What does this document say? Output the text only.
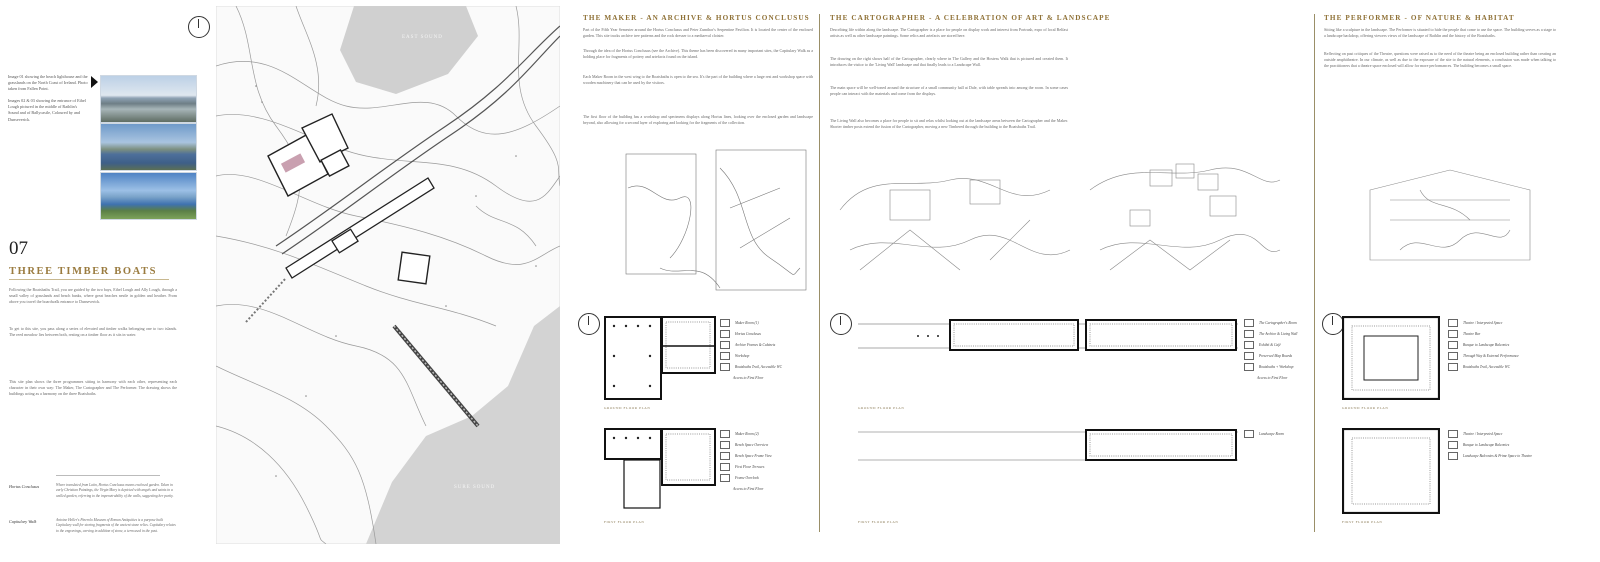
Image 01 showing the beach lighthouse and the grasslands on the North Coast of Ireland. Photo taken from Fallen Point.
Images 02 & 03 showing the entrance of Ethel Lough pictured in the middle of Rathlin's Sound and of Ballycastle, Coloured by and Dunseverick.
07
THREE TIMBER BOATS
Following the Boatsbaths Trail, you are guided by the two bays, Ethel Lough and Ally Lough, through a small valley of grasslands and beach banks, where great beaches nestle in golden and heather. From above you travel the boardwalk entrance to Dunseverick.
To get to this site, you pass along a series of elevated and timber walks belonging one to two islands. The reed meadow lies between both, resting on a timber floor as it sits in water.
This site plan shows the three programmes sitting in harmony with each other, representing each character in their own way: The Maker, The Cartographer and The Performer. The drawing shows the buildings acting as a harmony on the three Boatsbaths.
Hortus Conclusus	Where translated from Latin, Hortus Conclusus means enclosed garden. Taken in early Christian Paintings, the Virgin Mary is depicted with angels and saints in a walled garden, referring to the impenetrability of the walls, suggesting her purity.
Capitulary Walk	Antoine Heller's Pinerolo Museum of Roman Antiquities is a purpose built Capitulary wall for storing fragments of the ancient stone relics. Capitulary relates to the engravings, carving in addition of stone, a term used in the past.
EAST SOUND
SURE SOUND
THE MAKER - AN ARCHIVE & HORTUS CONCLUSUS
Part of the Fifth Year Semester around the Hortus Conclusus and Peter Zumthor's Serpentine Pavilion. It is located the center of the enclosed garden. This site tracks archive tree patterns and the rock dresser to a mediaeval cloister.
Through the idea of the Hortus Conclusus (see the Archive). This theme has been discovered in many important sites, the Capitulary Walk as a holding place for fragments of pottery and artefacts found on the island.
Each Maker Room in the west wing to the Boatsbaths is open to the sea. It's the part of the building where a large rest and workshop space with wooden machinery that can be used by the visitors.
The first floor of the building has a workshop and specimens displays along Hortus lines, looking over the enclosed garden and landscape beyond, also allowing for a second layer of exploring and looking for the fragments of the collection.
Maker Room (1)
Hortus Conclusus
Archive Frames & Cabinets
Workshop
Boatsbaths Trail, Accessible WC
Access to First Floor
GROUND FLOOR PLAN
Maker Room (2)
Bench Space Overview
Bench Space Frame View
First Floor Terraces
Frame Overlook
Access to First Floor
FIRST FLOOR PLAN
THE CARTOGRAPHER - A CELEBRATION OF ART & LANDSCAPE
Describing life within along the landscape. The Cartographer is a place for people on display work and interest from Portrush, expo of local Belfast artists as well as other landscape paintings. Some relics and artefacts are stored here.
The drawing on the right shows half of the Cartographer, clearly where in The Gallery and the Hostess Walk that is pictured and created them. It introduces the visitor to the 'Living Wall' landscape and that finally leads to a Landscape Wall.
The main space will be well-toned around the structure of a small community hall at Dale, with table spreads into among the room. In some cases people can interact with the materials and come from the displays.
The Living Wall also becomes a place for people to sit and relax whilst looking out at the landscape areas between the Cartographer and the Maker. Shorter timber posts extend the fusion of the Cartographer, moving a new Timbered through the building to the Boatsbaths Trail.
The Cartographer's Room
The Archive & Living Wall
Exhibit & Café
Preserved Map Boards
Boatsbaths + Workshop
Access to First Floor
GROUND FLOOR PLAN
Landscape Room
FIRST FLOOR PLAN
THE PERFORMER - OF NATURE & HABITAT
Sitting like a sculpture in the landscape. The Performer is situated to hide the people that come to use the space. The building serves as a stage to a landscape backdrop, offering viewers views of the landscape of Rathlin and the history of the Boatsbaths.
Reflecting on past critiques of the Theatre, questions were raised as to the need of the theatre being an enclosed building rather than creating an outside amphitheatre. In our climate, as well as due to the exposure of the site to the natural elements, a conclusion was made when talking to the practitioners that a theatre space enclosed will allow for more performances. The building becomes a small space.
Theatre / Interpreted Space
Theatre Bar
Bunque to Landscape Balconies
Through Way & External Performance
Boatsbaths Trail, Accessible WC
GROUND FLOOR PLAN
Theatre / Interpreted Space
Bunque to Landscape Balconies
Landscape Balconies & Prime Space to Theatre
FIRST FLOOR PLAN
